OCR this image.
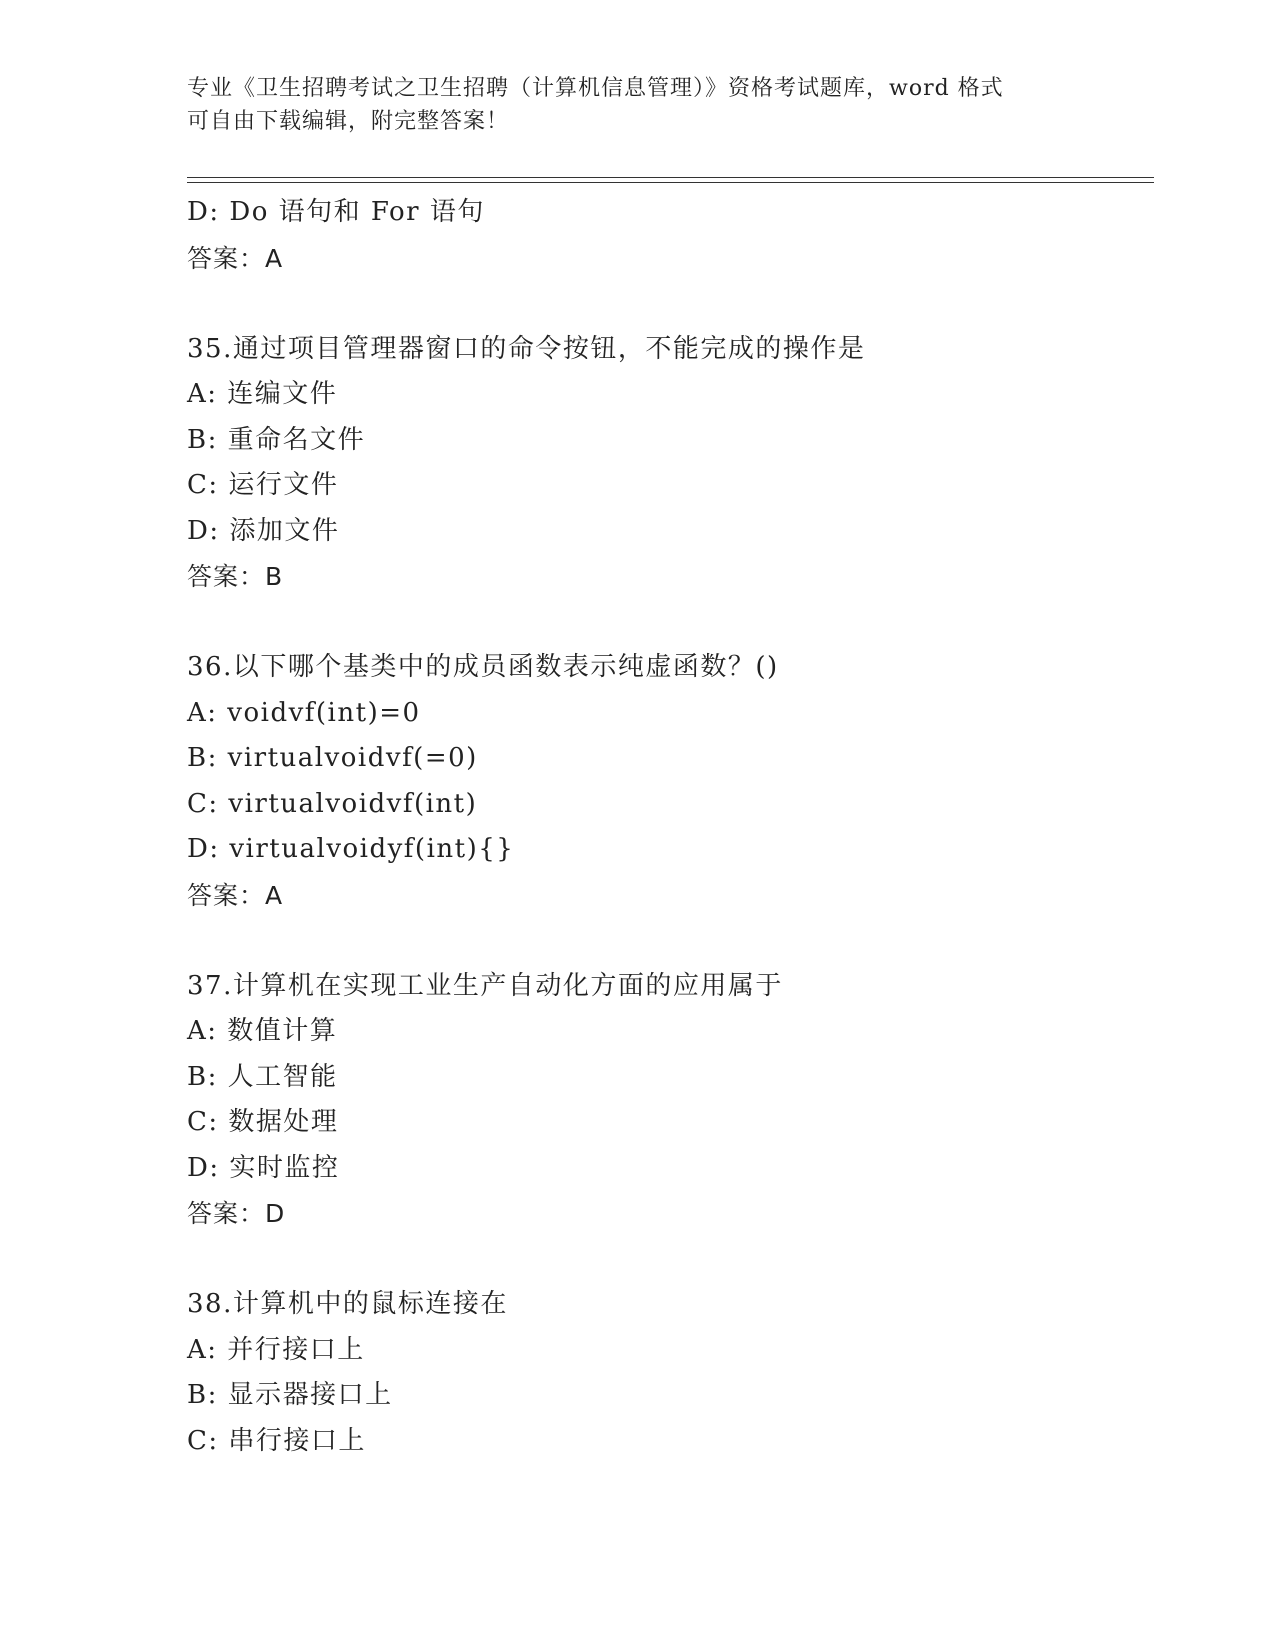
专业《卫生招聘考试之卫生招聘（计算机信息管理）》资格考试题库，word 格式
可自由下载编辑，附完整答案！
D: Do 语句和 For 语句
答案：A
35.通过项目管理器窗口的命令按钮，不能完成的操作是
A: 连编文件
B: 重命名文件
C: 运行文件
D: 添加文件
答案：B
36.以下哪个基类中的成员函数表示纯虚函数？()
A: voidvf(int)=0
B: virtualvoidvf(=0)
C: virtualvoidvf(int)
D: virtualvoidyf(int){}
答案：A
37.计算机在实现工业生产自动化方面的应用属于
A: 数值计算
B: 人工智能
C: 数据处理
D: 实时监控
答案：D
38.计算机中的鼠标连接在
A: 并行接口上
B: 显示器接口上
C: 串行接口上
